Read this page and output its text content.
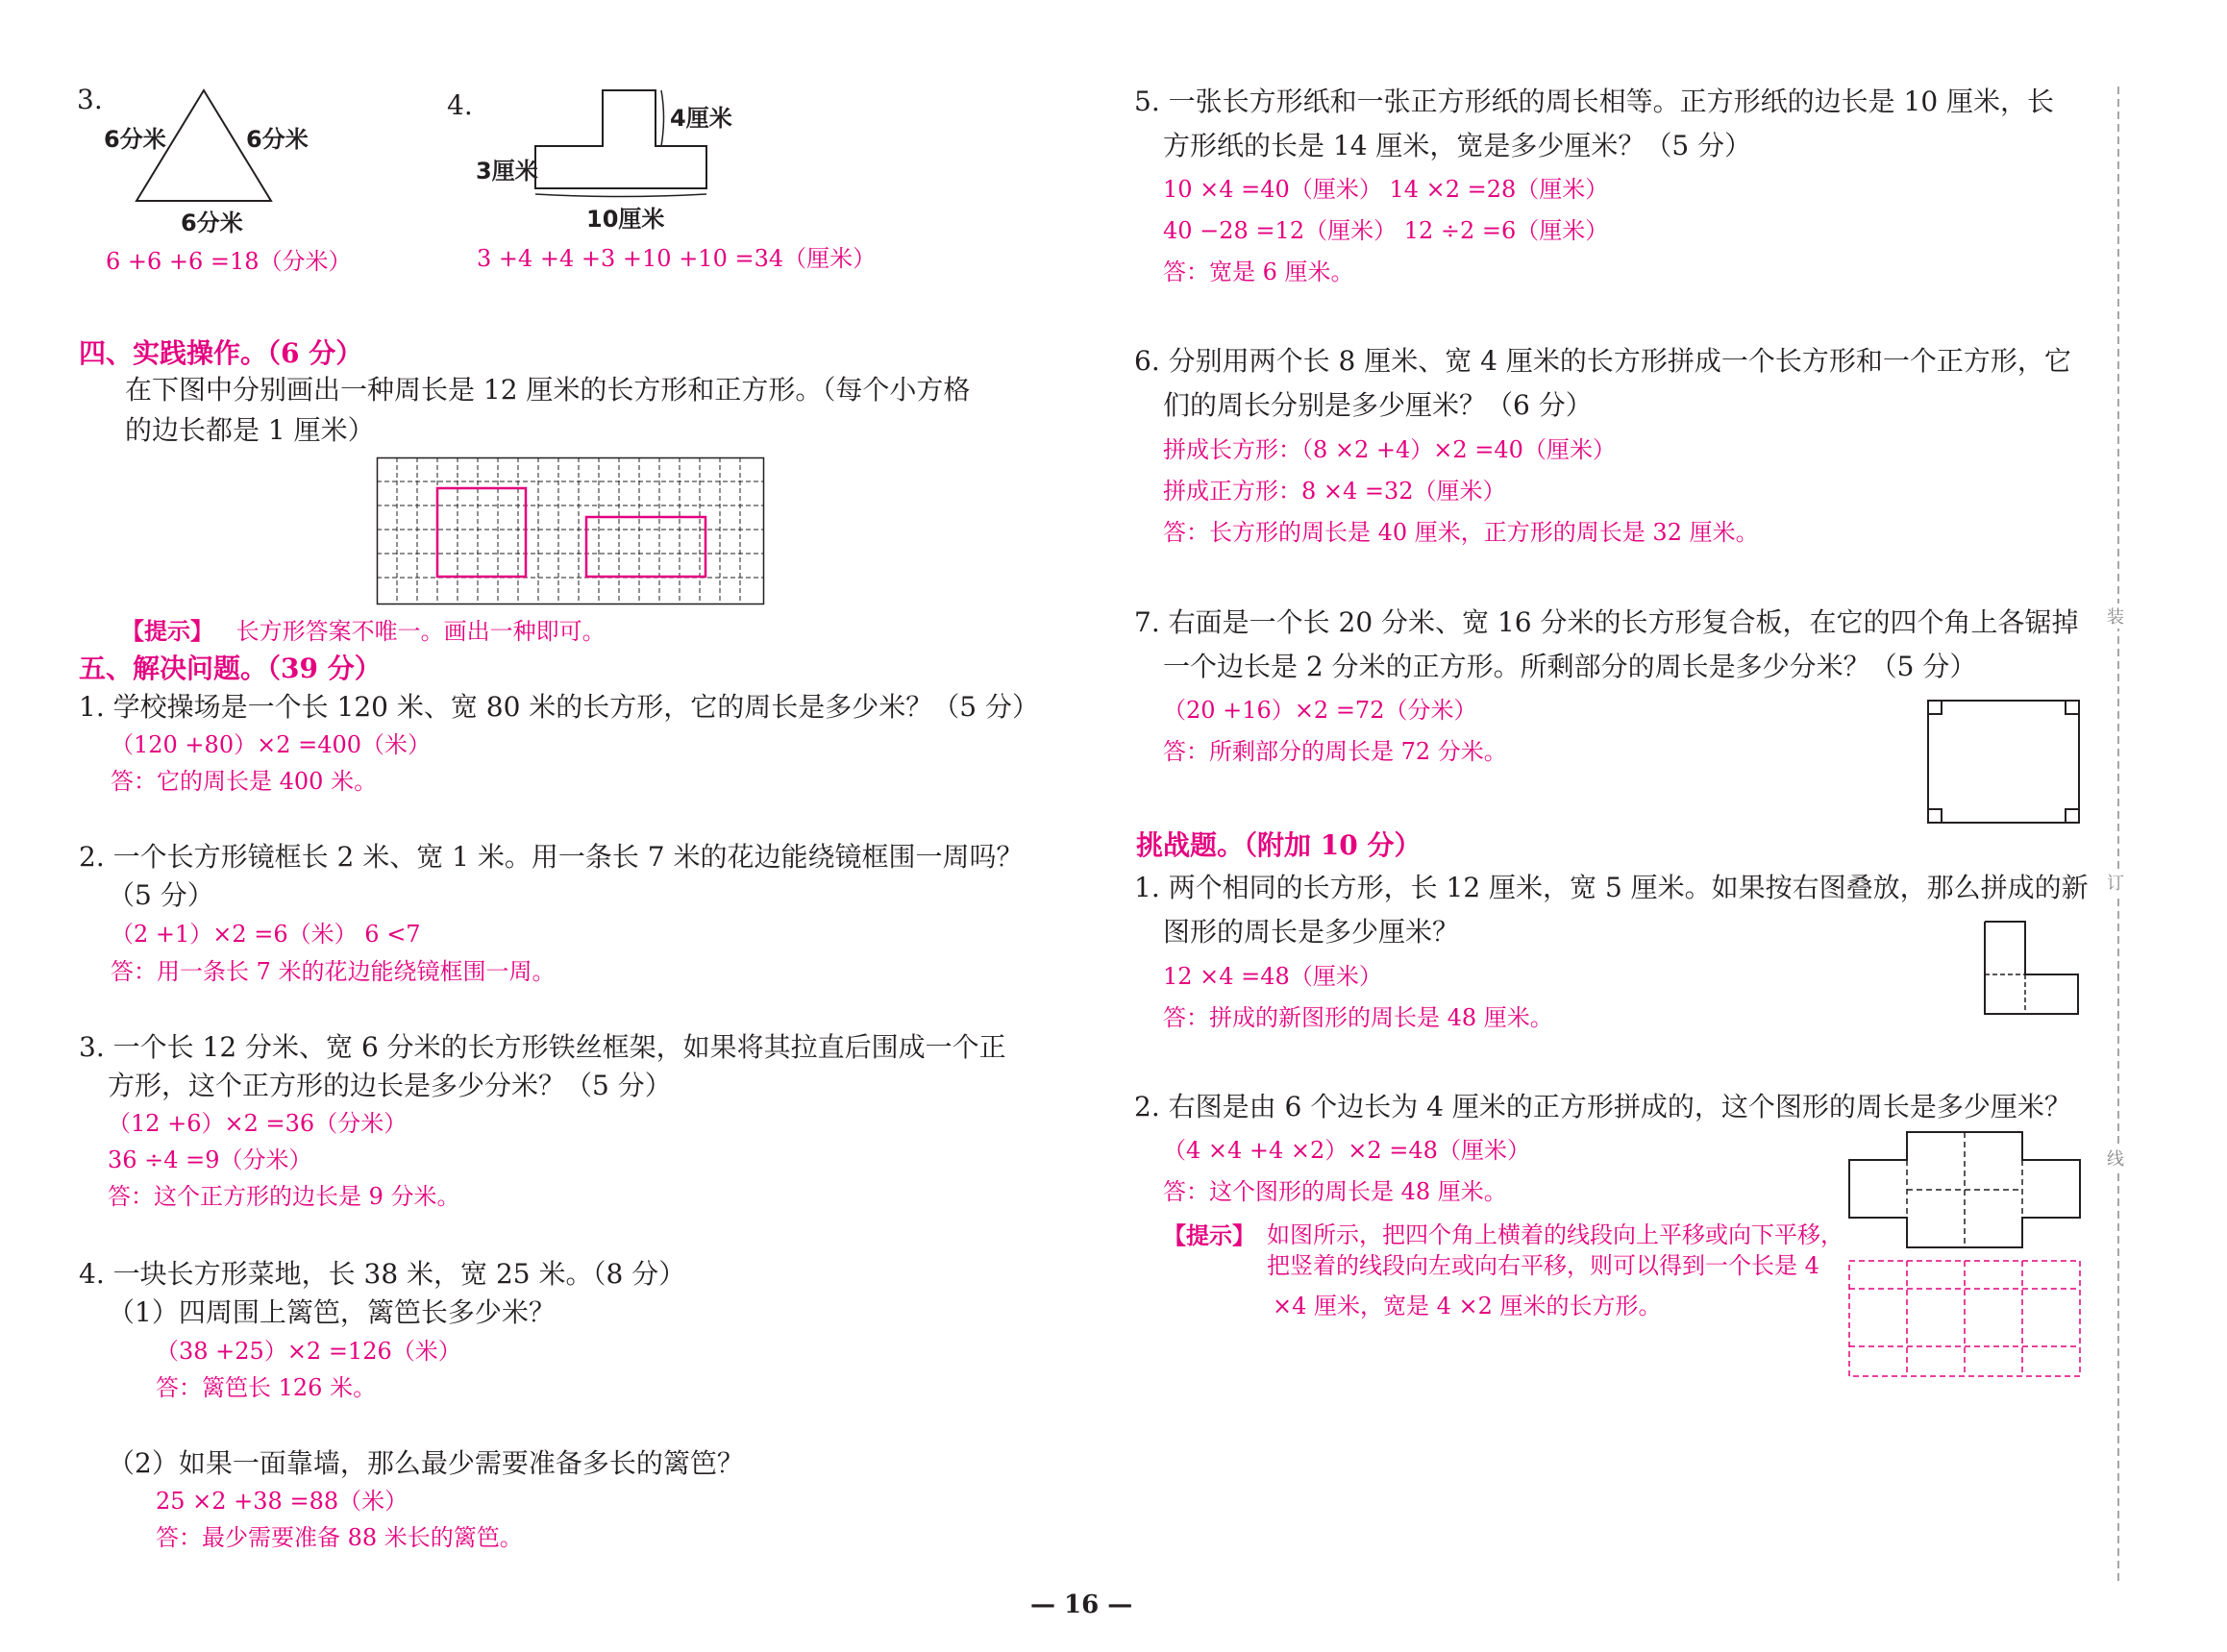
3.
6分米	6分米
6分米
6 +6 +6 =18（分米）
4.	4厘米
3厘米
10厘米
3 +4 +4 +3 +10 +10 =34（厘米）
四、实践操作。（6 分）
在下图中分别画出一种周长是 12 厘米的长方形和正方形。（每个小方格
的边长都是 1 厘米）
【提示】 长方形答案不唯一。画出一种即可。
五、解决问题。（39 分）
1. 学校操场是一个长 120 米、宽 80 米的长方形，它的周长是多少米？（5 分）
（120 +80）×2 =400（米）
答：它的周长是 400 米。
2. 一个长方形镜框长 2 米、宽 1 米。用一条长 7 米的花边能绕镜框围一周吗？
（5 分）
（2 +1）×2 =6（米） 6 <7
答：用一条长 7 米的花边能绕镜框围一周。
3. 一个长 12 分米、宽 6 分米的长方形铁丝框架，如果将其拉直后围成一个正
方形，这个正方形的边长是多少分米？（5 分）
（12 +6）×2 =36（分米）
36 ÷4 =9（分米）
答：这个正方形的边长是 9 分米。
4. 一块长方形菜地，长 38 米，宽 25 米。（8 分）
（1）四周围上篱笆，篱笆长多少米？
（38 +25）×2 =126（米）
答：篱笆长 126 米。
（2）如果一面靠墙，那么最少需要准备多长的篱笆？
25 ×2 +38 =88（米）
答：最少需要准备 88 米长的篱笆。
5. 一张长方形纸和一张正方形纸的周长相等。正方形纸的边长是 10 厘米，长
方形纸的长是 14 厘米，宽是多少厘米？（5 分）
10 ×4 =40（厘米） 14 ×2 =28（厘米）
40 −28 =12（厘米） 12 ÷2 =6（厘米）
答：宽是 6 厘米。
6. 分别用两个长 8 厘米、宽 4 厘米的长方形拼成一个长方形和一个正方形，它
们的周长分别是多少厘米？（6 分）
拼成长方形：（8 ×2 +4）×2 =40（厘米）
拼成正方形：8 ×4 =32（厘米）
答：长方形的周长是 40 厘米，正方形的周长是 32 厘米。
7. 右面是一个长 20 分米、宽 16 分米的长方形复合板，在它的四个角上各锯掉
一个边长是 2 分米的正方形。所剩部分的周长是多少分米？（5 分）
（20 +16）×2 =72（分米）
答：所剩部分的周长是 72 分米。
挑战题。（附加 10 分）
1. 两个相同的长方形，长 12 厘米，宽 5 厘米。如果按右图叠放，那么拼成的新
图形的周长是多少厘米？
12 ×4 =48（厘米）
答：拼成的新图形的周长是 48 厘米。
2. 右图是由 6 个边长为 4 厘米的正方形拼成的，这个图形的周长是多少厘米？
（4 ×4 +4 ×2）×2 =48（厘米）
答：这个图形的周长是 48 厘米。
【提示】 如图所示，把四个角上横着的线段向上平移或向下平移，
把竖着的线段向左或向右平移，则可以得到一个长是 4
×4 厘米，宽是 4 ×2 厘米的长方形。
装
订
线
— 16 —
